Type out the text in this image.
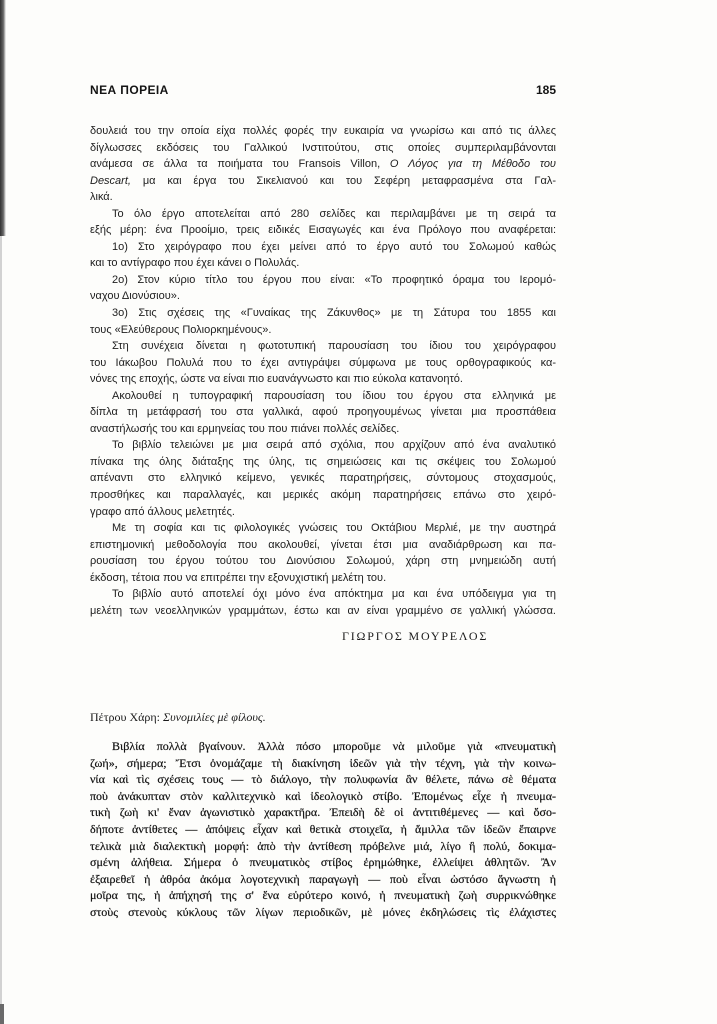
ΝΕΑ ΠΟΡΕΙΑ	185
δουλειά του την οποία είχα πολλές φορές την ευκαιρία να γνωρίσω και από τις άλλες
δίγλωσσες εκδόσεις του Γαλλικού Ινστιτούτου, στις οποίες συμπεριλαμβάνονται
ανάμεσα σε άλλα τα ποιήματα του Fransois Villon, Ο Λόγος για τη Μέθοδο του
Descart, μα και έργα του Σικελιανού και του Σεφέρη μεταφρασμένα στα Γαλ-
λικά.
Το όλο έργο αποτελείται από 280 σελίδες και περιλαμβάνει με τη σειρά τα
εξής μέρη: ένα Προοίμιο, τρεις ειδικές Εισαγωγές και ένα Πρόλογο που αναφέρεται:
1ο) Στο χειρόγραφο που έχει μείνει από το έργο αυτό του Σολωμού καθώς
και το αντίγραφο που έχει κάνει ο Πολυλάς.
2ο) Στον κύριο τίτλο του έργου που είναι: «Το προφητικό όραμα του Ιερομό-
ναχου Διονύσιου».
3ο) Στις σχέσεις της «Γυναίκας της Ζάκυνθος» με τη Σάτυρα του 1855 και
τους «Ελεύθερους Πολιορκημένους».
Στη συνέχεια δίνεται η φωτοτυπική παρουσίαση του ίδιου του χειρόγραφου
του Ιάκωβου Πολυλά που το έχει αντιγράψει σύμφωνα με τους ορθογραφικούς κα-
νόνες της εποχής, ώστε να είναι πιο ευανάγνωστο και πιο εύκολα κατανοητό.
Ακολουθεί η τυπογραφική παρουσίαση του ίδιου του έργου στα ελληνικά με
δίπλα τη μετάφρασή του στα γαλλικά, αφού προηγουμένως γίνεται μια προσπάθεια
αναστήλωσής του και ερμηνείας του που πιάνει πολλές σελίδες.
Το βιβλίο τελειώνει με μια σειρά από σχόλια, που αρχίζουν από ένα αναλυτικό
πίνακα της όλης διάταξης της ύλης, τις σημειώσεις και τις σκέψεις του Σολωμού
απέναντι στο ελληνικό κείμενο, γενικές παρατηρήσεις, σύντομους στοχασμούς,
προσθήκες και παραλλαγές, και μερικές ακόμη παρατηρήσεις επάνω στο χειρό-
γραφο από άλλους μελετητές.
Με τη σοφία και τις φιλολογικές γνώσεις του Οκτάβιου Μερλιέ, με την αυστηρά
επιστημονική μεθοδολογία που ακολουθεί, γίνεται έτσι μια αναδιάρθρωση και πα-
ρουσίαση του έργου τούτου του Διονύσιου Σολωμού, χάρη στη μνημειώδη αυτή
έκδοση, τέτοια που να επιτρέπει την εξονυχιστική μελέτη του.
Το βιβλίο αυτό αποτελεί όχι μόνο ένα απόκτημα μα και ένα υπόδειγμα για τη
μελέτη των νεοελληνικών γραμμάτων, έστω και αν είναι γραμμένο σε γαλλική γλώσσα.
ΓΙΩΡΓΟΣ ΜΟΥΡΕΛΟΣ
Πέτρου Χάρη: Συνομιλίες μὲ φίλους.
Βιβλία πολλὰ βγαίνουν. Ἀλλὰ πόσο μποροῦμε νὰ μιλοῦμε γιὰ «πνευματικὴ
ζωή», σήμερα; Ἔτσι ὀνομάζαμε τὴ διακίνηση ἰδεῶν γιὰ τὴν τέχνη, γιὰ τὴν κοινω-
νία καὶ τὶς σχέσεις τους — τὸ διάλογο, τὴν πολυφωνία ἂν θέλετε, πάνω σὲ θέματα
ποὺ ἀνάκυπταν στὸν καλλιτεχνικὸ καὶ ἰδεολογικὸ στίβο. Ἐπομένως εἶχε ἡ πνευμα-
τικὴ ζωὴ κι' ἕναν ἀγωνιστικὸ χαρακτῆρα. Ἐπειδὴ δὲ οἱ ἀντιτιθέμενες — καὶ ὅσο-
δήποτε ἀντίθετες — ἀπόψεις εἶχαν καὶ θετικὰ στοιχεῖα, ἡ ἅμιλλα τῶν ἰδεῶν ἔπαιρνε
τελικὰ μιὰ διαλεκτικὴ μορφή: ἀπὸ τὴν ἀντίθεση πρόβελνε μιά, λίγο ἢ πολύ, δοκιμα-
σμένη ἀλήθεια. Σήμερα ὁ πνευματικὸς στίβος ἐρημώθηκε, ἐλλείψει ἀθλητῶν. Ἂν
ἐξαιρεθεῖ ἡ ἀθρόα ἀκόμα λογοτεχνικὴ παραγωγὴ — ποὺ εἶναι ὡστόσο ἄγνωστη ἡ
μοῖρα της, ἡ ἀπήχησή της σ' ἕνα εὐρύτερο κοινό, ἡ πνευματικὴ ζωὴ συρρικνώθηκε
στοὺς στενοὺς κύκλους τῶν λίγων περιοδικῶν, μὲ μόνες ἐκδηλώσεις τὶς ἐλάχιστες
